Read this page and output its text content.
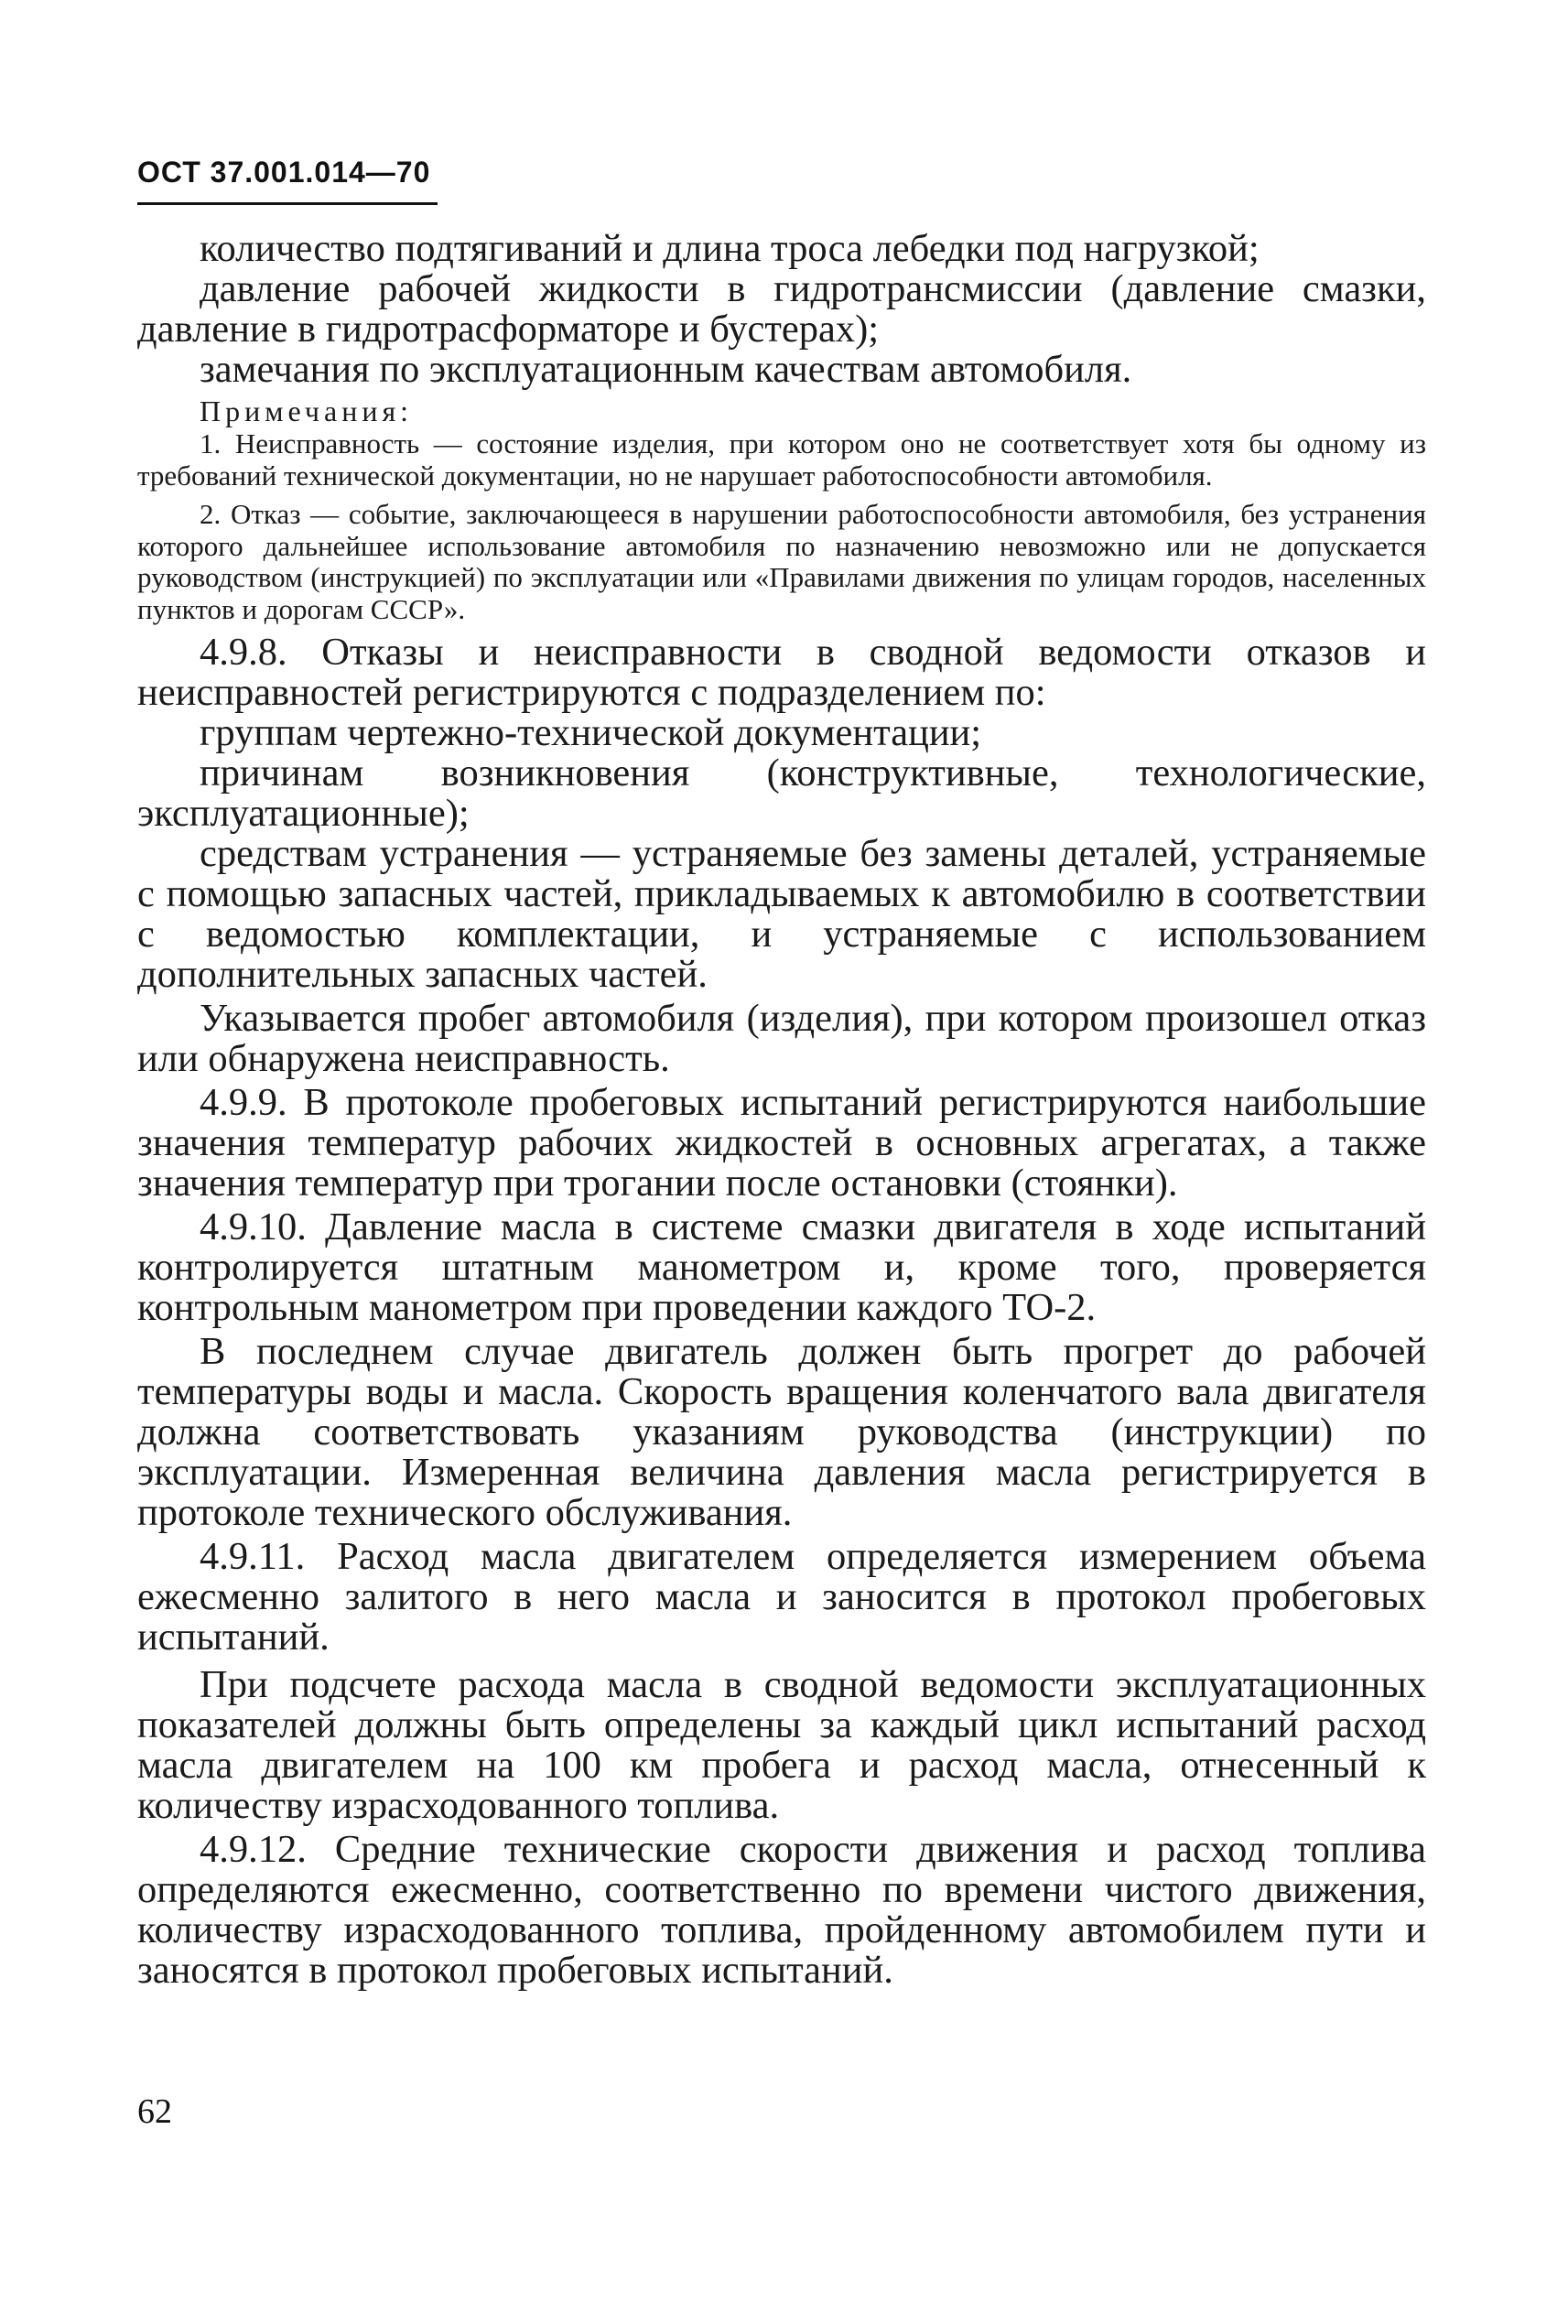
ОСТ 37.001.014—70

количество подтягиваний и длина троса лебедки под нагрузкой;

давление рабочей жидкости в гидротрансмиссии (давление смазки, давление в гидротрасформаторе и бустерах);

замечания по эксплуатационным качествам автомобиля.

Примечания:

1. Неисправность — состояние изделия, при котором оно не соответствует хотя бы одному из требований технической документации, но не нарушает работоспособности автомобиля.

2. Отказ — событие, заключающееся в нарушении работоспособности автомобиля, без устранения которого дальнейшее использование автомобиля по назначению невозможно или не допускается руководством (инструкцией) по эксплуатации или «Правилами движения по улицам городов, населенных пунктов и дорогам СССР».

4.9.8. Отказы и неисправности в сводной ведомости отказов и неисправностей регистрируются с подразделением по:

группам чертежно-технической документации;

причинам возникновения (конструктивные, технологические, эксплуатационные);

средствам устранения — устраняемые без замены деталей, устраняемые с помощью запасных частей, прикладываемых к автомобилю в соответствии с ведомостью комплектации, и устраняемые с использованием дополнительных запасных частей.

Указывается пробег автомобиля (изделия), при котором произошел отказ или обнаружена неисправность.

4.9.9. В протоколе пробеговых испытаний регистрируются наибольшие значения температур рабочих жидкостей в основных агрегатах, а также значения температур при трогании после остановки (стоянки).

4.9.10. Давление масла в системе смазки двигателя в ходе испытаний контролируется штатным манометром и, кроме того, проверяется контрольным манометром при проведении каждого ТО-2.

В последнем случае двигатель должен быть прогрет до рабочей температуры воды и масла. Скорость вращения коленчатого вала двигателя должна соответствовать указаниям руководства (инструкции) по эксплуатации. Измеренная величина давления масла регистрируется в протоколе технического обслуживания.

4.9.11. Расход масла двигателем определяется измерением объема ежесменно залитого в него масла и заносится в протокол пробеговых испытаний.

При подсчете расхода масла в сводной ведомости эксплуатационных показателей должны быть определены за каждый цикл испытаний расход масла двигателем на 100 км пробега и расход масла, отнесенный к количеству израсходованного топлива.

4.9.12. Средние технические скорости движения и расход топлива определяются ежесменно, соответственно по времени чистого движения, количеству израсходованного топлива, пройденному автомобилем пути и заносятся в протокол пробеговых испытаний.

62
